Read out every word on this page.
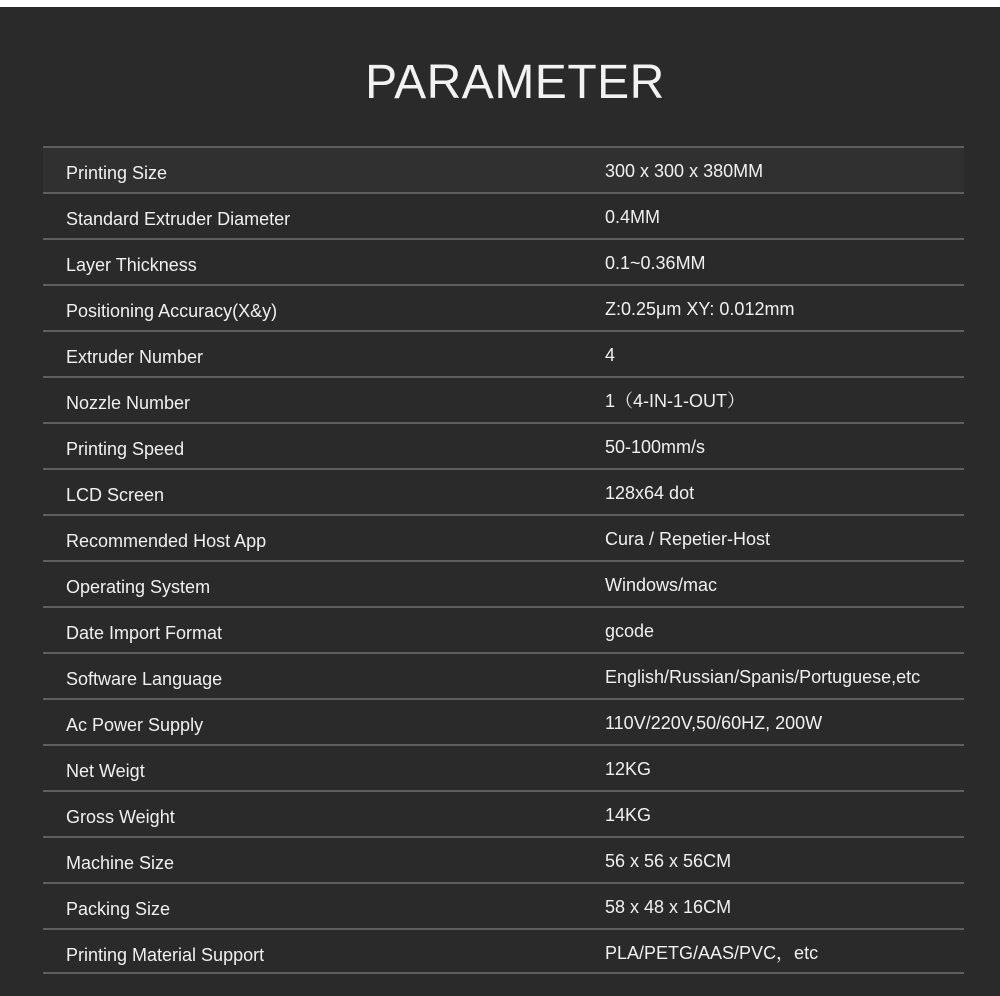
PARAMETER
Printing Size	300 x 300 x 380MM
Standard Extruder Diameter	0.4MM
Layer Thickness	0.1~0.36MM
Positioning Accuracy(X&y)	Z:0.25μm XY: 0.012mm
Extruder Number	4
Nozzle Number	1（4-IN-1-OUT）
Printing Speed	50-100mm/s
LCD Screen	128x64 dot
Recommended Host App	Cura / Repetier-Host
Operating System	Windows/mac
Date Import Format	gcode
Software Language	English/Russian/Spanis/Portuguese,etc
Ac Power Supply	110V/220V,50/60HZ, 200W
Net Weigt	12KG
Gross Weight	14KG
Machine Size	56 x 56 x 56CM
Packing Size	58 x 48 x 16CM
Printing Material Support	PLA/PETG/AAS/PVC，etc
